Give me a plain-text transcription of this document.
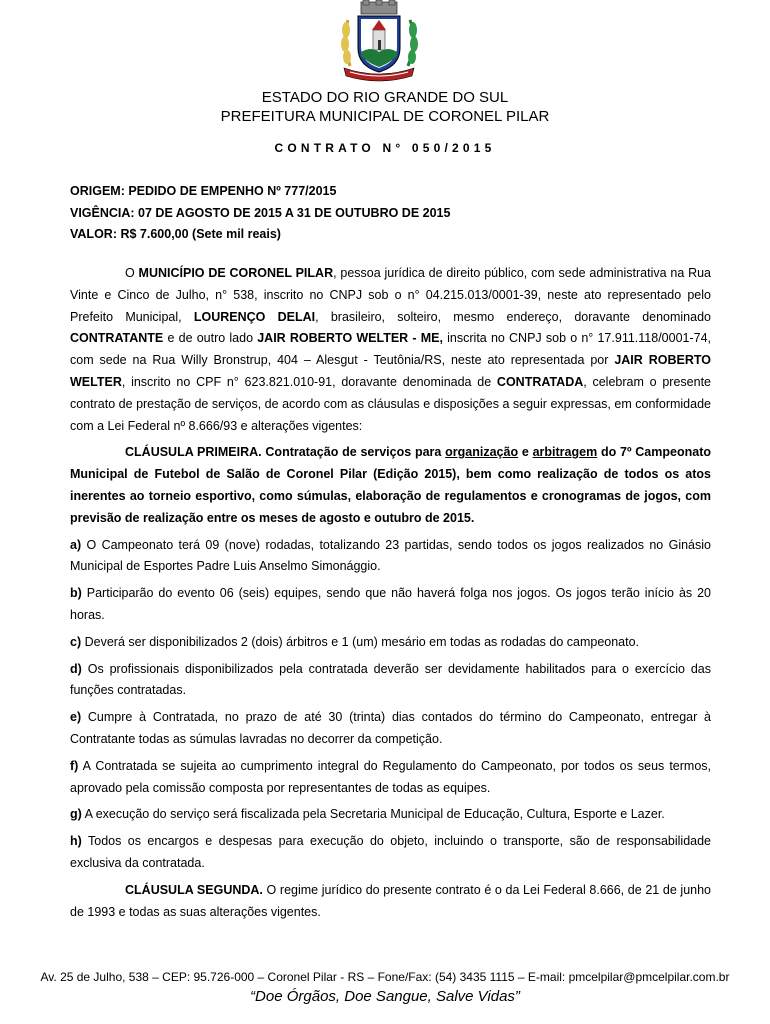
ESTADO DO RIO GRANDE DO SUL
PREFEITURA MUNICIPAL DE CORONEL PILAR
CONTRATO N° 050/2015
ORIGEM: PEDIDO DE EMPENHO Nº 777/2015
VIGÊNCIA: 07 DE AGOSTO DE 2015 A 31 DE OUTUBRO DE 2015
VALOR: R$ 7.600,00 (Sete mil reais)

O MUNICÍPIO DE CORONEL PILAR, pessoa jurídica de direito público, com sede administrativa na Rua Vinte e Cinco de Julho, n° 538, inscrito no CNPJ sob o n° 04.215.013/0001-39, neste ato representado pelo Prefeito Municipal, LOURENÇO DELAI, brasileiro, solteiro, mesmo endereço, doravante denominado CONTRATANTE e de outro lado JAIR ROBERTO WELTER - ME, inscrita no CNPJ sob o n° 17.911.118/0001-74, com sede na Rua Willy Bronstrup, 404 – Alesgut - Teutônia/RS, neste ato representada por JAIR ROBERTO WELTER, inscrito no CPF n° 623.821.010-91, doravante denominada de CONTRATADA, celebram o presente contrato de prestação de serviços, de acordo com as cláusulas e disposições a seguir expressas, em conformidade com a Lei Federal nº 8.666/93 e alterações vigentes:

CLÁUSULA PRIMEIRA. Contratação de serviços para organização e arbitragem do 7º Campeonato Municipal de Futebol de Salão de Coronel Pilar (Edição 2015), bem como realização de todos os atos inerentes ao torneio esportivo, como súmulas, elaboração de regulamentos e cronogramas de jogos, com previsão de realização entre os meses de agosto e outubro de 2015.

a) O Campeonato terá 09 (nove) rodadas, totalizando 23 partidas, sendo todos os jogos realizados no Ginásio Municipal de Esportes Padre Luis Anselmo Simonággio.

b) Participarão do evento 06 (seis) equipes, sendo que não haverá folga nos jogos. Os jogos terão início às 20 horas.

c) Deverá ser disponibilizados 2 (dois) árbitros e 1 (um) mesário em todas as rodadas do campeonato.

d) Os profissionais disponibilizados pela contratada deverão ser devidamente habilitados para o exercício das funções contratadas.

e) Cumpre à Contratada, no prazo de até 30 (trinta) dias contados do término do Campeonato, entregar à Contratante todas as súmulas lavradas no decorrer da competição.

f) A Contratada se sujeita ao cumprimento integral do Regulamento do Campeonato, por todos os seus termos, aprovado pela comissão composta por representantes de todas as equipes.

g) A execução do serviço será fiscalizada pela Secretaria Municipal de Educação, Cultura, Esporte e Lazer.

h) Todos os encargos e despesas para execução do objeto, incluindo o transporte, são de responsabilidade exclusiva da contratada.

CLÁUSULA SEGUNDA. O regime jurídico do presente contrato é o da Lei Federal 8.666, de 21 de junho de 1993 e todas as suas alterações vigentes.

Av. 25 de Julho, 538 – CEP: 95.726-000 – Coronel Pilar - RS – Fone/Fax: (54) 3435 1115 – E-mail: pmcelpilar@pmcelpilar.com.br
“Doe Órgãos, Doe Sangue, Salve Vidas”
